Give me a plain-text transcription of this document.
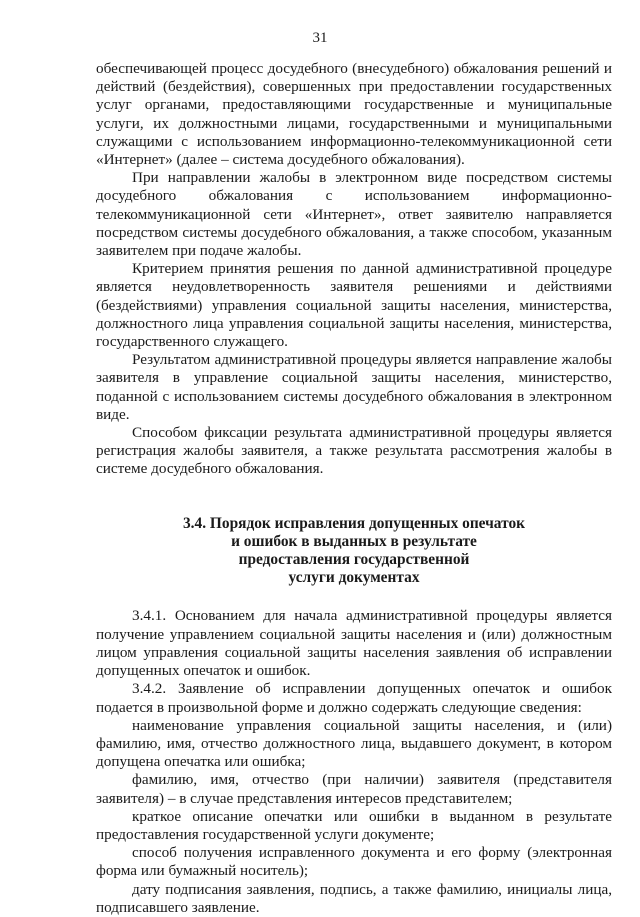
31

обеспечивающей процесс досудебного (внесудебного) обжалования решений и действий (бездействия), совершенных при предоставлении государственных услуг органами, предоставляющими государственные и муниципальные услуги, их должностными лицами, государственными и муниципальными служащими с использованием информационно-телекоммуникационной сети «Интернет» (далее – система досудебного обжалования).

При направлении жалобы в электронном виде посредством системы досудебного обжалования с использованием информационно-телекоммуникационной сети «Интернет», ответ заявителю направляется посредством системы досудебного обжалования, а также способом, указанным заявителем при подаче жалобы.

Критерием принятия решения по данной административной процедуре является неудовлетворенность заявителя решениями и действиями (бездействиями) управления социальной защиты населения, министерства, должностного лица управления социальной защиты населения, министерства, государственного служащего.

Результатом административной процедуры является направление жалобы заявителя в управление социальной защиты населения, министерство, поданной с использованием системы досудебного обжалования в электронном виде.

Способом фиксации результата административной процедуры является регистрация жалобы заявителя, а также результата рассмотрения жалобы в системе досудебного обжалования.

3.4. Порядок исправления допущенных опечаток
и ошибок в выданных в результате
предоставления государственной
услуги документах

3.4.1. Основанием для начала административной процедуры является получение управлением социальной защиты населения и (или) должностным лицом управления социальной защиты населения заявления об исправлении допущенных опечаток и ошибок.

3.4.2. Заявление об исправлении допущенных опечаток и ошибок подается в произвольной форме и должно содержать следующие сведения:

наименование управления социальной защиты населения, и (или) фамилию, имя, отчество должностного лица, выдавшего документ, в котором допущена опечатка или ошибка;

фамилию, имя, отчество (при наличии) заявителя (представителя заявителя) – в случае представления интересов представителем;

краткое описание опечатки или ошибки в выданном в результате предоставления государственной услуги документе;

способ получения исправленного документа и его форму (электронная форма или бумажный носитель);

дату подписания заявления, подпись, а также фамилию, инициалы лица, подписавшего заявление.
